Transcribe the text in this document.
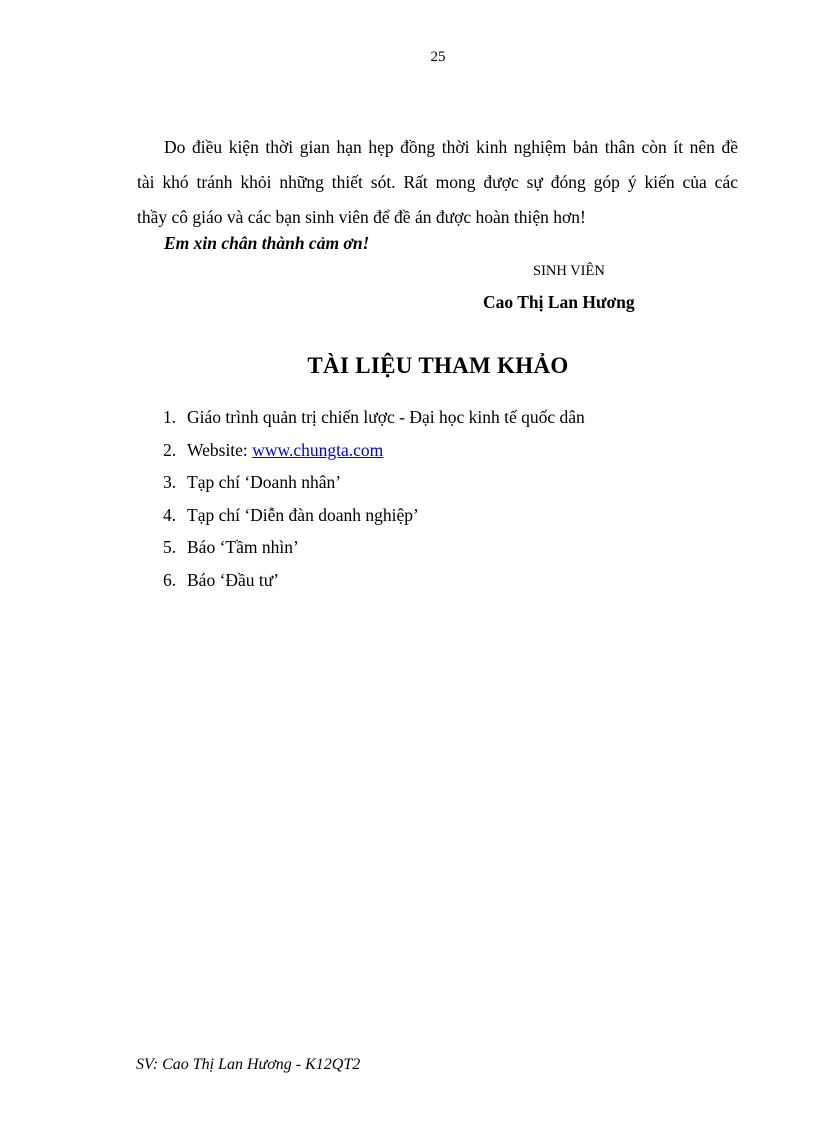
25
Do điều kiện thời gian hạn hẹp đồng thời kinh nghiệm bản thân còn ít nên đề
tài khó tránh khỏi những thiết sót. Rất mong được sự đóng góp ý kiến của các
thầy cô giáo và các bạn sinh viên để đề án được hoàn thiện hơn!

Em xin chân thành cảm ơn!

SINH VIÊN

Cao Thị Lan Hương

TÀI LIỆU THAM KHẢO
1. Giáo trình quản trị chiến lược - Đại học kinh tế quốc dân
2. Website: www.chungta.com
3. Tạp chí ‘Doanh nhân’
4. Tạp chí ‘Diễn đàn doanh nghiệp’
5. Báo ‘Tầm nhìn’
6. Báo ‘Đầu tư’

SV: Cao Thị Lan Hương - K12QT2
